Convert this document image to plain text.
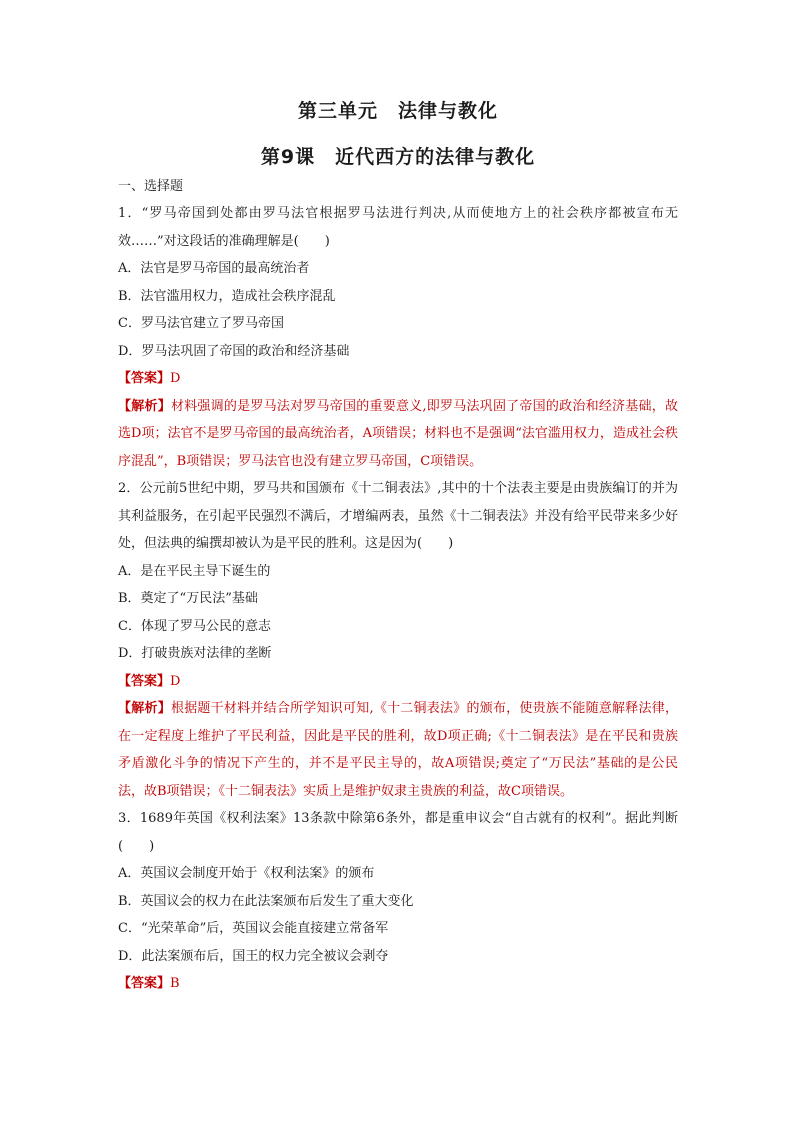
第三单元　法律与教化
第9课　近代西方的法律与教化
一、选择题
1．“罗马帝国到处都由罗马法官根据罗马法进行判决,从而使地方上的社会秩序都被宣布无效……”对这段话的准确理解是(　　)
A．法官是罗马帝国的最高统治者
B．法官滥用权力，造成社会秩序混乱
C．罗马法官建立了罗马帝国
D．罗马法巩固了帝国的政治和经济基础
【答案】D
【解析】材料强调的是罗马法对罗马帝国的重要意义,即罗马法巩固了帝国的政治和经济基础，故选D项；法官不是罗马帝国的最高统治者，A项错误；材料也不是强调“法官滥用权力，造成社会秩序混乱”，B项错误；罗马法官也没有建立罗马帝国，C项错误。
2．公元前5世纪中期，罗马共和国颁布《十二铜表法》,其中的十个法表主要是由贵族编订的并为其利益服务，在引起平民强烈不满后，才增编两表，虽然《十二铜表法》并没有给平民带来多少好处，但法典的编撰却被认为是平民的胜利。这是因为(　　)
A．是在平民主导下诞生的
B．奠定了“万民法”基础
C．体现了罗马公民的意志
D．打破贵族对法律的垄断
【答案】D
【解析】根据题干材料并结合所学知识可知,《十二铜表法》的颁布，使贵族不能随意解释法律，在一定程度上维护了平民利益，因此是平民的胜利，故D项正确;《十二铜表法》是在平民和贵族矛盾激化斗争的情况下产生的，并不是平民主导的，故A项错误;奠定了“万民法”基础的是公民法，故B项错误；《十二铜表法》实质上是维护奴隶主贵族的利益，故C项错误。
3．1689年英国《权利法案》13条款中除第6条外，都是重申议会“自古就有的权利”。据此判断(　　)
A．英国议会制度开始于《权利法案》的颁布
B．英国议会的权力在此法案颁布后发生了重大变化
C．“光荣革命”后，英国议会能直接建立常备军
D．此法案颁布后，国王的权力完全被议会剥夺
【答案】B
